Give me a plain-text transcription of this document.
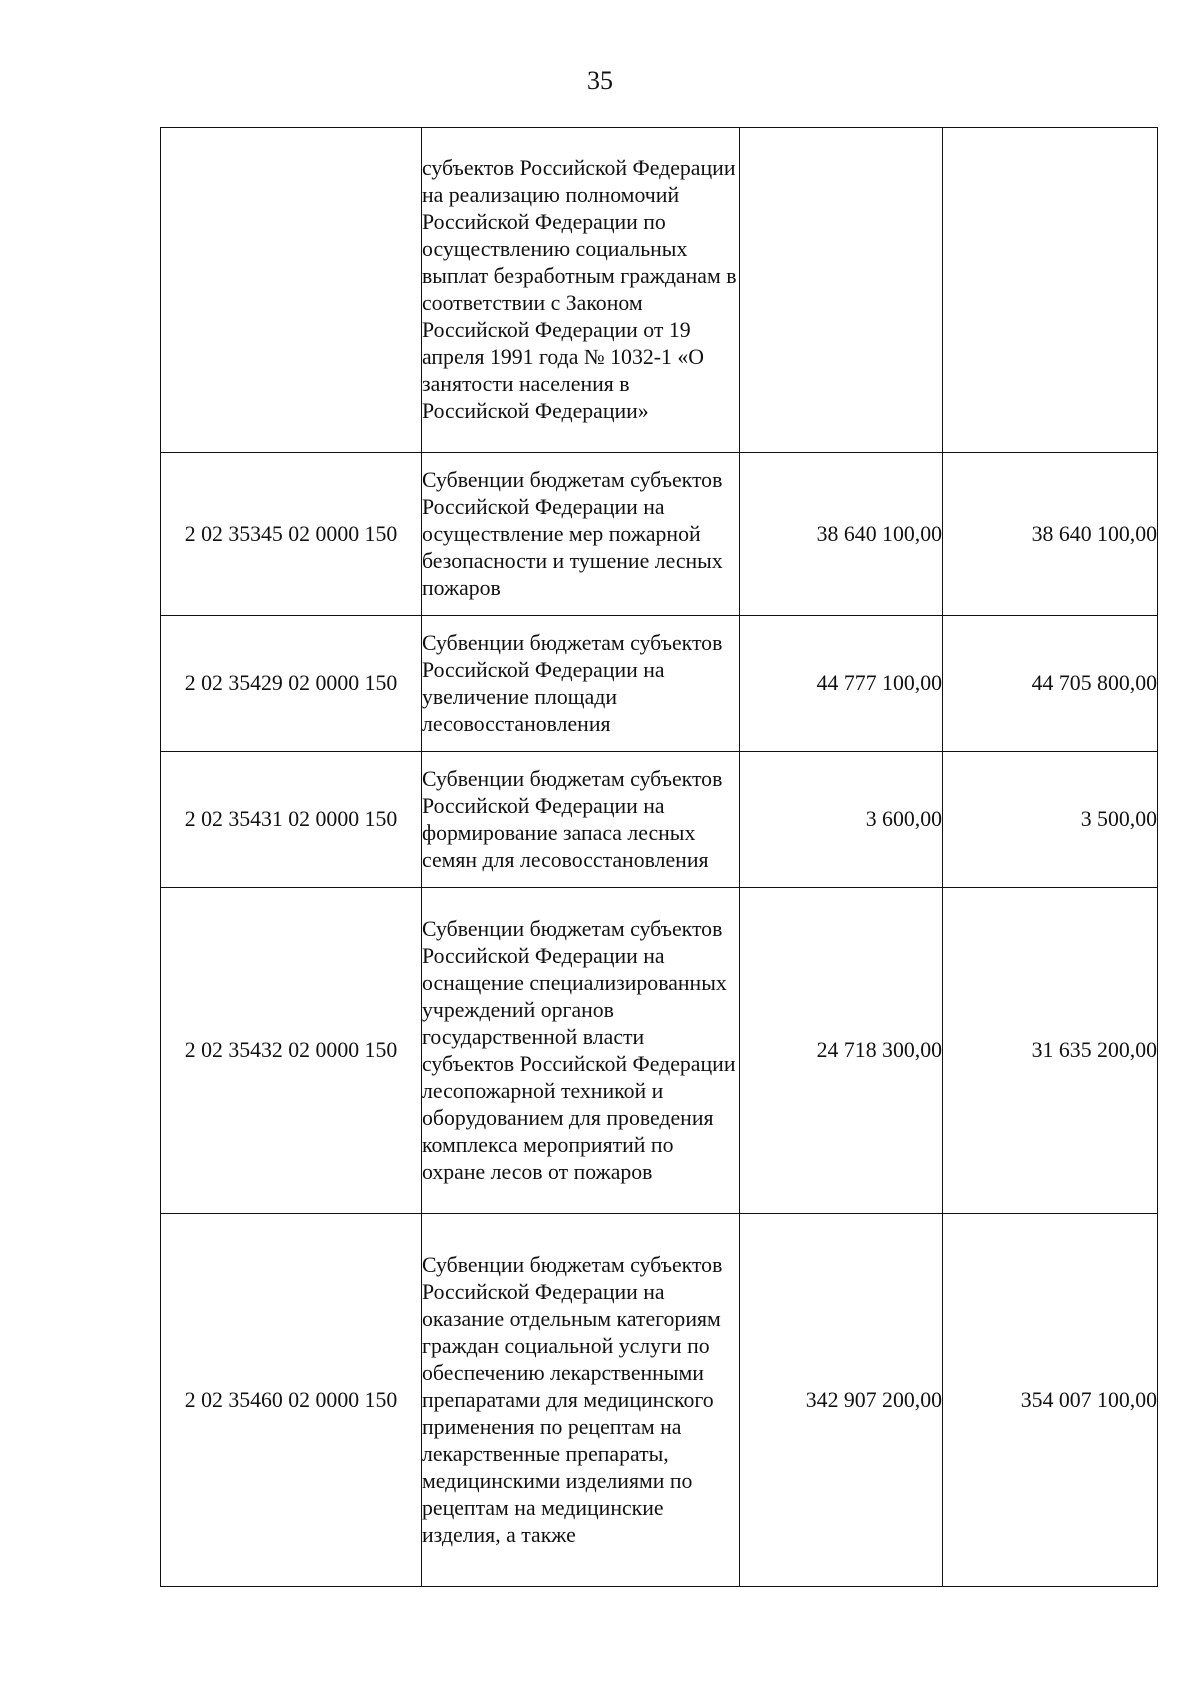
35

	субъектов Российской Федерации на реализацию полномочий Российской Федерации по осуществлению социальных выплат безработным гражданам в соответствии с Законом Российской Федерации от 19 апреля 1991 года № 1032-1 «О занятости населения в Российской Федерации»		

2 02 35345 02 0000 150	Субвенции бюджетам субъектов Российской Федерации на осуществление мер пожарной безопасности и тушение лесных пожаров	38 640 100,00	38 640 100,00
2 02 35429 02 0000 150	Субвенции бюджетам субъектов Российской Федерации на увеличение площади лесовосстановления	44 777 100,00	44 705 800,00
2 02 35431 02 0000 150	Субвенции бюджетам субъектов Российской Федерации на формирование запаса лесных семян для лесовосстановления	3 600,00	3 500,00
2 02 35432 02 0000 150	Субвенции бюджетам субъектов Российской Федерации на оснащение специализированных учреждений органов государственной власти субъектов Российской Федерации лесопожарной техникой и оборудованием для проведения комплекса мероприятий по охране лесов от пожаров	24 718 300,00	31 635 200,00
2 02 35460 02 0000 150	Субвенции бюджетам субъектов Российской Федерации на оказание отдельным категориям граждан социальной услуги по обеспечению лекарственными препаратами для медицинского применения по рецептам на лекарственные препараты, медицинскими изделиями по рецептам на медицинские изделия, а также	342 907 200,00	354 007 100,00
